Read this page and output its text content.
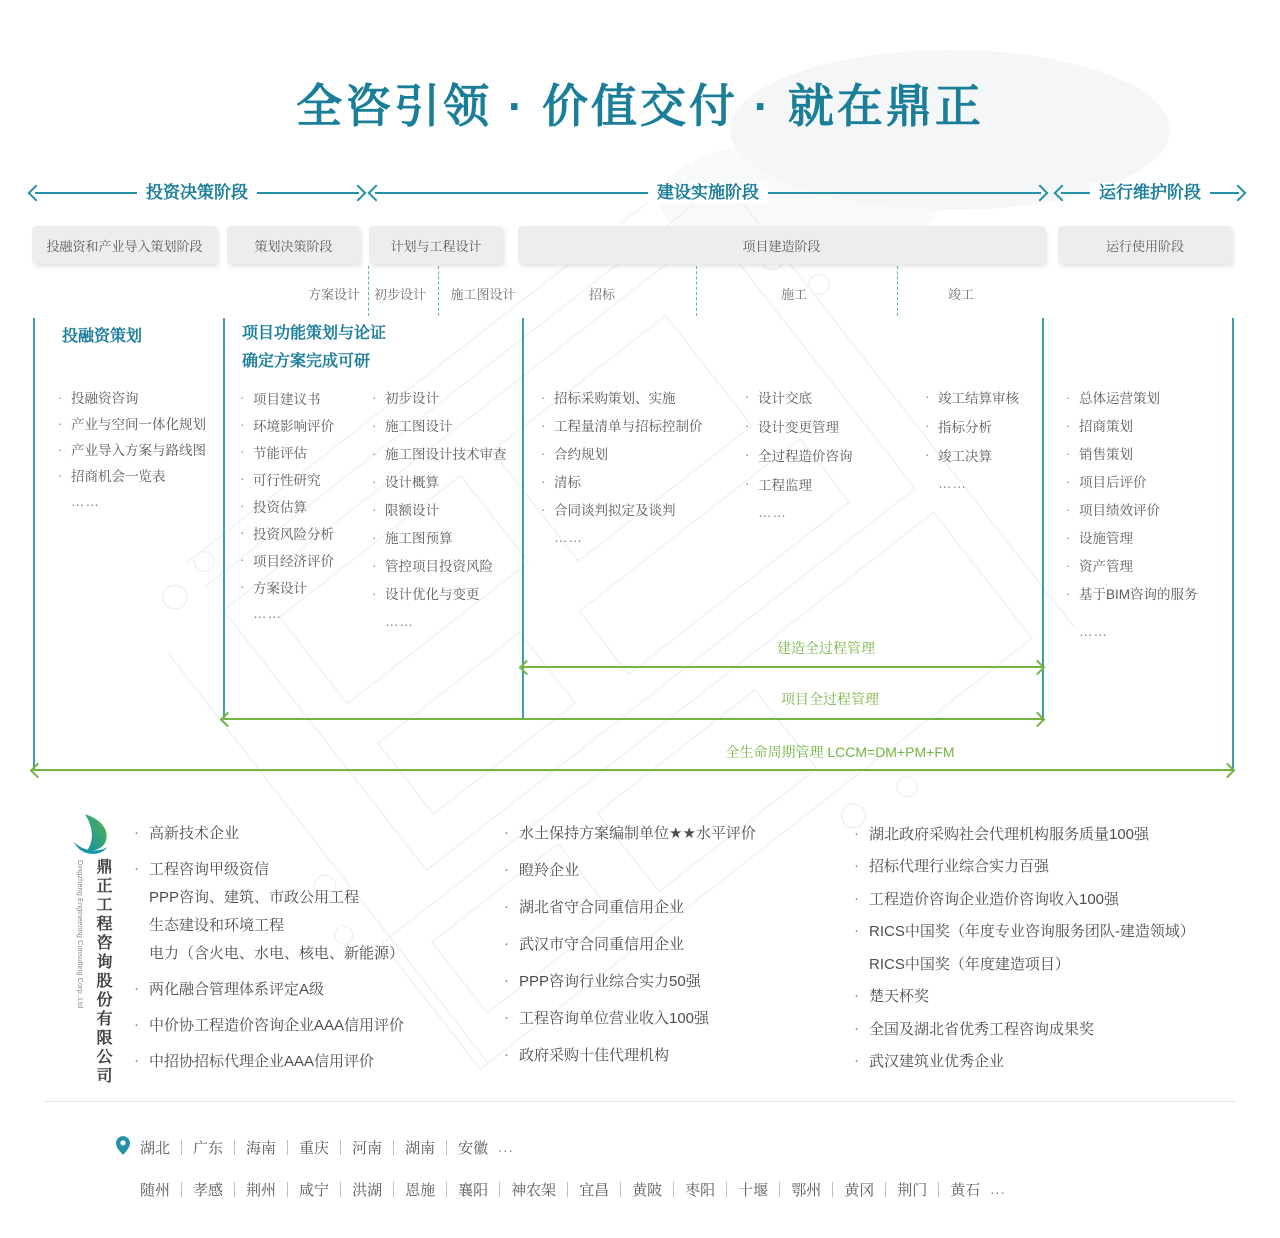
全咨引领 · 价值交付 · 就在鼎正
投资决策阶段	建设实施阶段	运行维护阶段
投融资和产业导入策划阶段	策划决策阶段	计划与工程设计	项目建造阶段	运行使用阶段
方案设计 初步设计 施工图设计	招标	施工	竣工
投融资策划	项目功能策划与论证
确定方案完成可研
· 投融资咨询
· 产业与空间一体化规划
· 产业导入方案与路线图
· 招商机会一览表
……
· 项目建议书
· 环境影响评价
· 节能评估
· 可行性研究
· 投资估算
· 投资风险分析
· 项目经济评价
· 方案设计
……
· 初步设计
· 施工图设计
· 施工图设计技术审查
· 设计概算
· 限额设计
· 施工图预算
· 管控项目投资风险
· 设计优化与变更
……
· 招标采购策划、实施
· 工程量清单与招标控制价
· 合约规划
· 清标
· 合同谈判拟定及谈判
……
· 设计交底
· 设计变更管理
· 全过程造价咨询
· 工程监理
……
· 竣工结算审核
· 指标分析
· 竣工决算
……
· 总体运营策划
· 招商策划
· 销售策划
· 项目后评价
· 项目绩效评价
· 设施管理
· 资产管理
· 基于BIM咨询的服务
……
建造全过程管理
项目全过程管理
全生命周期管理 LCCM=DM+PM+FM
Dingzheng Engineering Consulting Corp.,Ltd 鼎正工程咨询股份有限公司
· 高新技术企业
· 工程咨询甲级资信
PPP咨询、建筑、市政公用工程
生态建设和环境工程
电力（含火电、水电、核电、新能源）
· 两化融合管理体系评定A级
· 中价协工程造价咨询企业AAA信用评价
· 中招协招标代理企业AAA信用评价
· 水土保持方案编制单位★★水平评价
· 瞪羚企业
· 湖北省守合同重信用企业
· 武汉市守合同重信用企业
· PPP咨询行业综合实力50强
· 工程咨询单位营业收入100强
· 政府采购十佳代理机构
· 湖北政府采购社会代理机构服务质量100强
· 招标代理行业综合实力百强
· 工程造价咨询企业造价咨询收入100强
· RICS中国奖（年度专业咨询服务团队-建造领域）
RICS中国奖（年度建造项目）
· 楚天杯奖
· 全国及湖北省优秀工程咨询成果奖
· 武汉建筑业优秀企业
湖北 广东 海南 重庆 河南 湖南 安徽 ...
随州 孝感 荆州 咸宁 洪湖 恩施 襄阳 神农架 宜昌 黄陂 枣阳 十堰 鄂州 黄冈 荆门 黄石 ...
